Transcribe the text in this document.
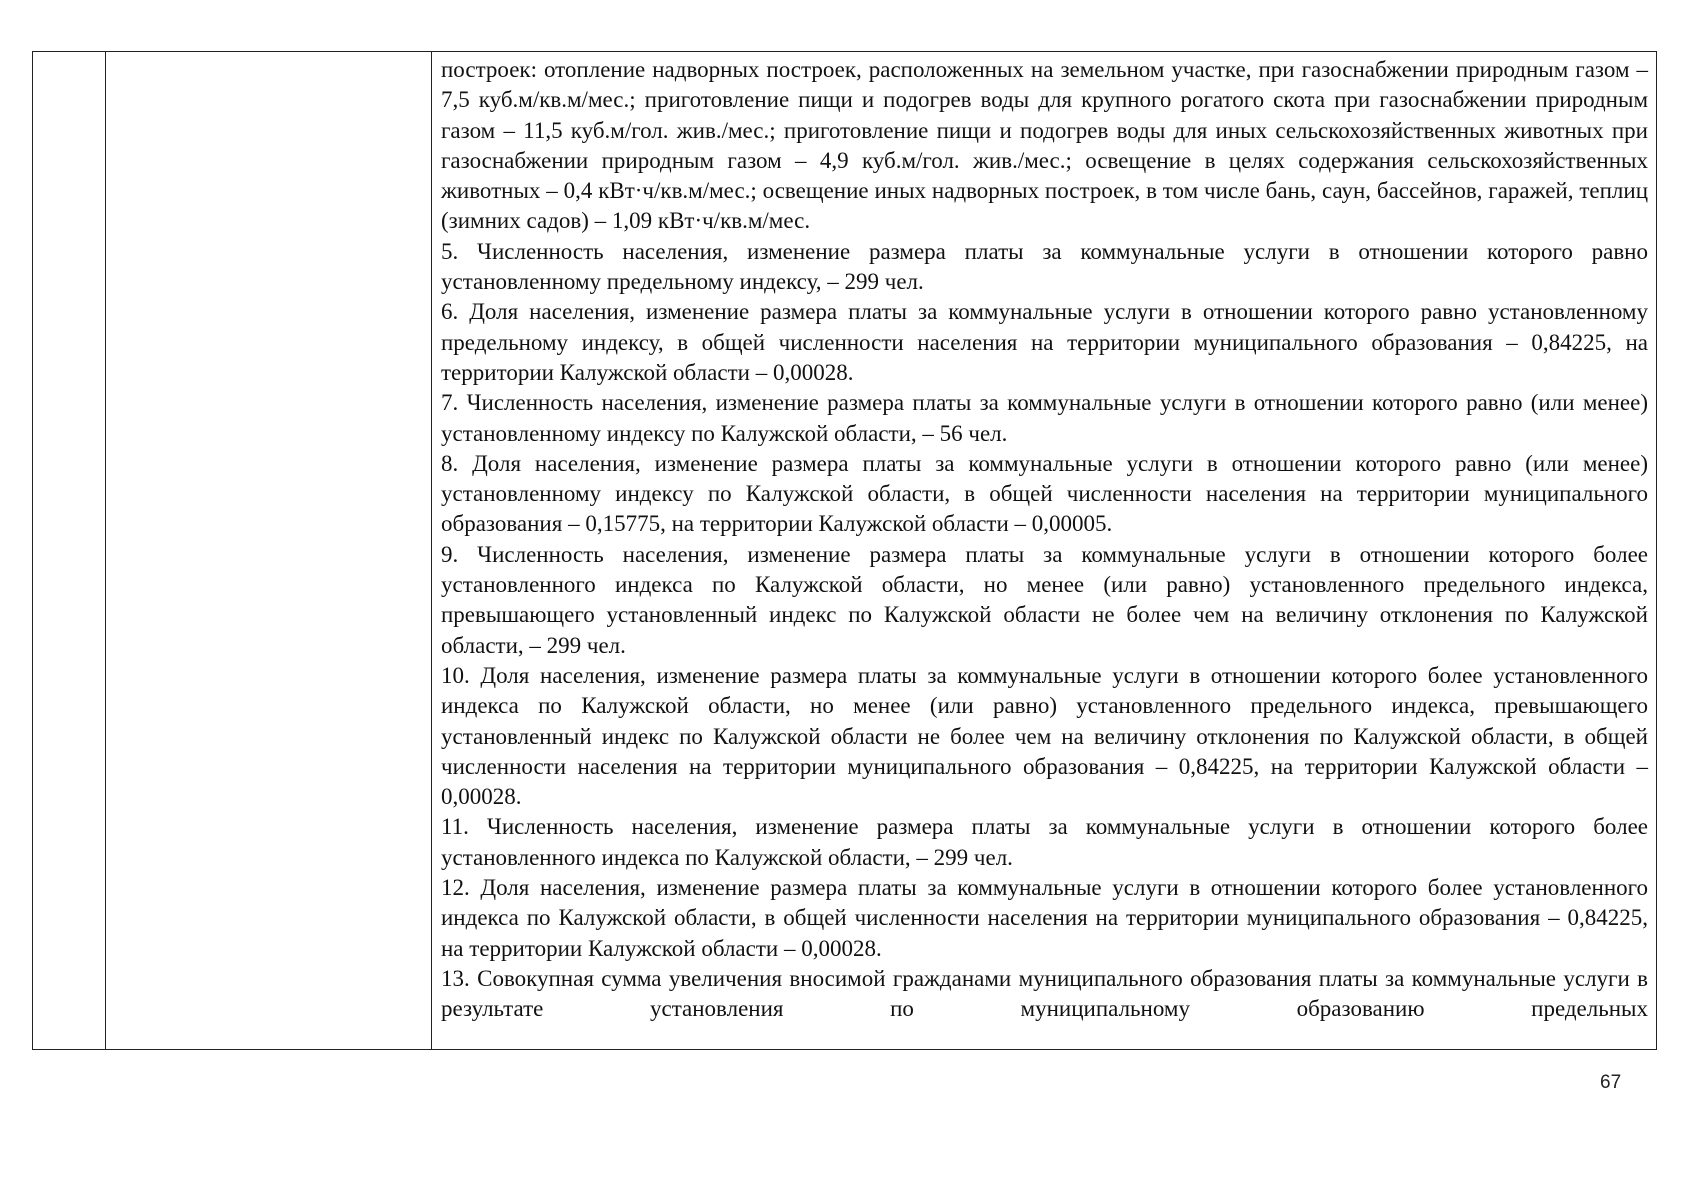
построек: отопление надворных построек, расположенных на земельном участке, при газоснабжении природным газом – 7,5 куб.м/кв.м/мес.; приготовление пищи и подогрев воды для крупного рогатого скота при газоснабжении природным газом – 11,5 куб.м/гол. жив./мес.; приготовление пищи и подогрев воды для иных сельскохозяйственных животных при газоснабжении природным газом – 4,9 куб.м/гол. жив./мес.; освещение в целях содержания сельскохозяйственных животных – 0,4 кВт·ч/кв.м/мес.; освещение иных надворных построек, в том числе бань, саун, бассейнов, гаражей, теплиц (зимних садов) – 1,09 кВт·ч/кв.м/мес.

5. Численность населения, изменение размера платы за коммунальные услуги в отношении которого равно установленному предельному индексу, – 299 чел.

6. Доля населения, изменение размера платы за коммунальные услуги в отношении которого равно установленному предельному индексу, в общей численности населения на территории муниципального образования – 0,84225, на территории Калужской области – 0,00028.

7. Численность населения, изменение размера платы за коммунальные услуги в отношении которого равно (или менее) установленному индексу по Калужской области, – 56 чел.

8. Доля населения, изменение размера платы за коммунальные услуги в отношении которого равно (или менее) установленному индексу по Калужской области, в общей численности населения на территории муниципального образования – 0,15775, на территории Калужской области – 0,00005.

9. Численность населения, изменение размера платы за коммунальные услуги в отношении которого более установленного индекса по Калужской области, но менее (или равно) установленного предельного индекса, превышающего установленный индекс по Калужской области не более чем на величину отклонения по Калужской области, – 299 чел.

10. Доля населения, изменение размера платы за коммунальные услуги в отношении которого более установленного индекса по Калужской области, но менее (или равно) установленного предельного индекса, превышающего установленный индекс по Калужской области не более чем на величину отклонения по Калужской области, в общей численности населения на территории муниципального образования – 0,84225, на территории Калужской области – 0,00028.

11. Численность населения, изменение размера платы за коммунальные услуги в отношении которого более установленного индекса по Калужской области, – 299 чел.

12. Доля населения, изменение размера платы за коммунальные услуги в отношении которого более установленного индекса по Калужской области, в общей численности населения на территории муниципального образования – 0,84225, на территории Калужской области – 0,00028.

13. Совокупная сумма увеличения вносимой гражданами муниципального образования платы за коммунальные услуги в результате установления по муниципальному образованию предельных

67
